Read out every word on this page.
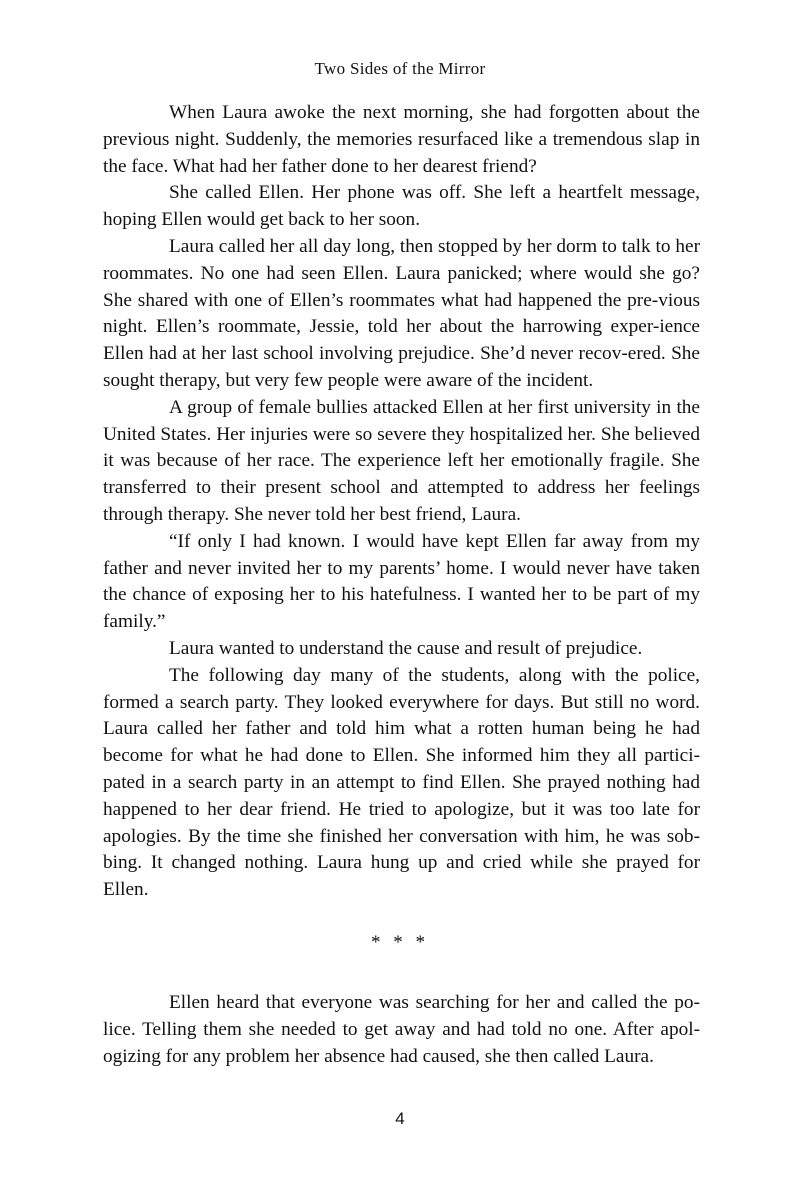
Two Sides of the Mirror

When Laura awoke the next morning, she had forgotten about the previous night. Suddenly, the memories resurfaced like a tremendous slap in the face. What had her father done to her dearest friend?

She called Ellen. Her phone was off. She left a heartfelt message, hoping Ellen would get back to her soon.

Laura called her all day long, then stopped by her dorm to talk to her roommates. No one had seen Ellen. Laura panicked; where would she go? She shared with one of Ellen’s roommates what had happened the pre-vious night. Ellen’s roommate, Jessie, told her about the harrowing exper-ience Ellen had at her last school involving prejudice. She’d never recov-ered. She sought therapy, but very few people were aware of the incident.

A group of female bullies attacked Ellen at her first university in the United States. Her injuries were so severe they hospitalized her. She believed it was because of her race. The experience left her emotionally fragile. She transferred to their present school and attempted to address her feelings through therapy. She never told her best friend, Laura.

“If only I had known. I would have kept Ellen far away from my father and never invited her to my parents’ home. I would never have taken the chance of exposing her to his hatefulness. I wanted her to be part of my family.”

Laura wanted to understand the cause and result of prejudice.

The following day many of the students, along with the police, formed a search party. They looked everywhere for days. But still no word. Laura called her father and told him what a rotten human being he had become for what he had done to Ellen. She informed him they all partici-pated in a search party in an attempt to find Ellen. She prayed nothing had happened to her dear friend. He tried to apologize, but it was too late for apologies. By the time she finished her conversation with him, he was sob-bing. It changed nothing. Laura hung up and cried while she prayed for Ellen.

* * *

Ellen heard that everyone was searching for her and called the po-lice. Telling them she needed to get away and had told no one. After apol-ogizing for any problem her absence had caused, she then called Laura.

4
